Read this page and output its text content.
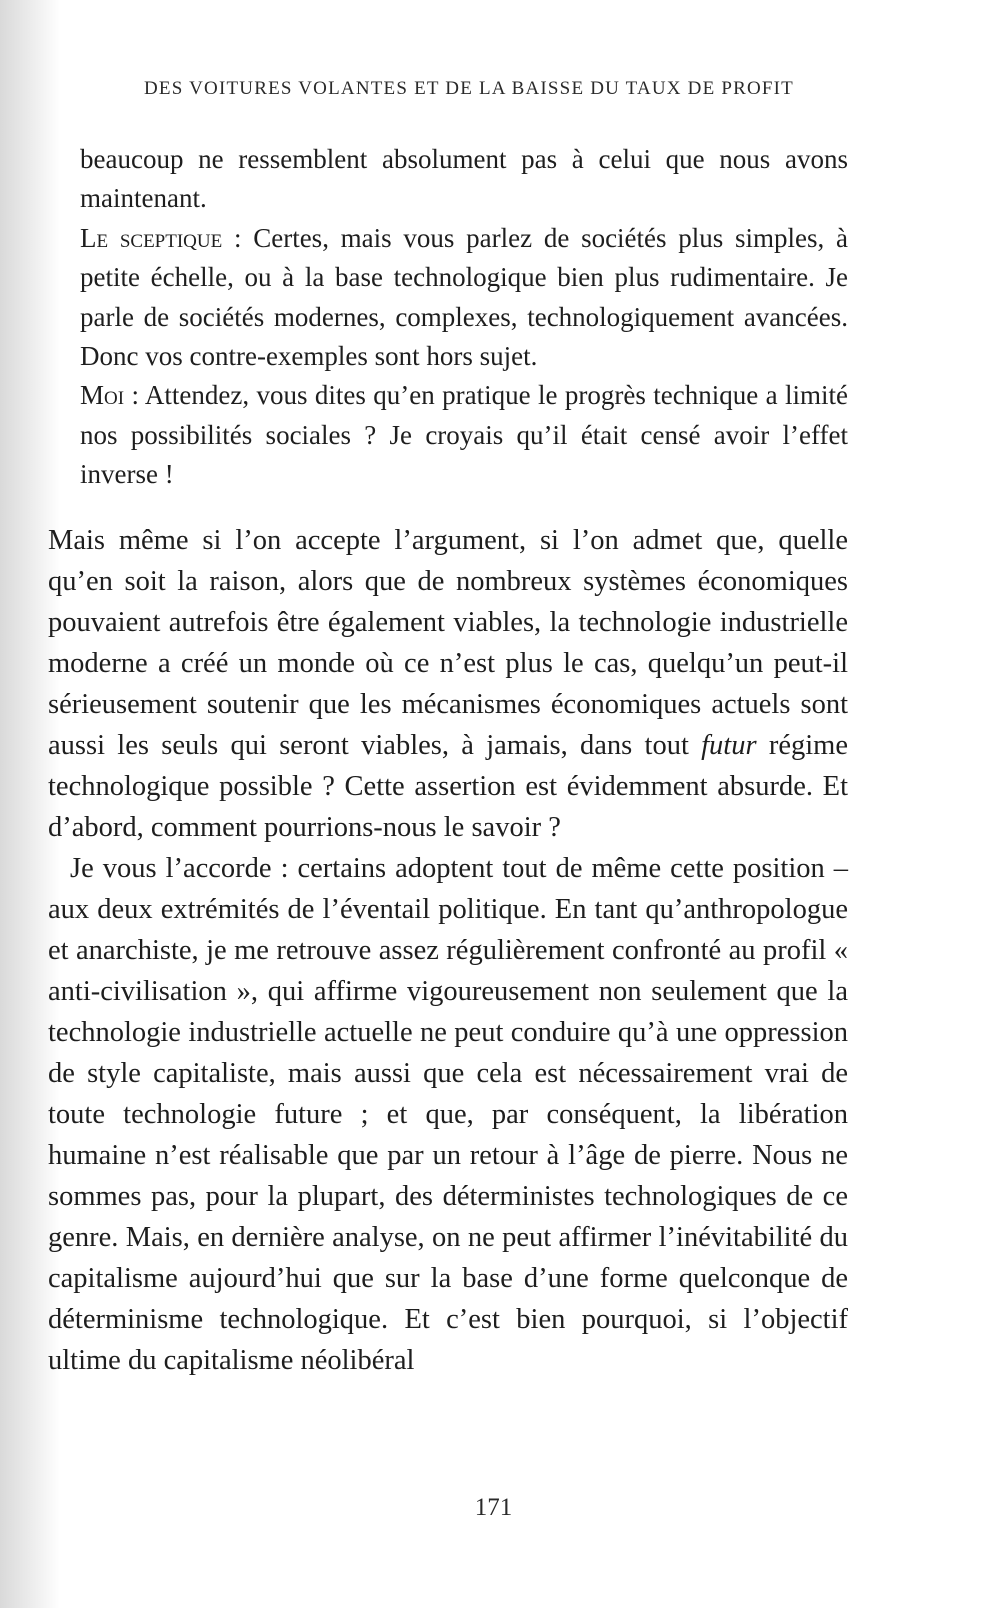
DES VOITURES VOLANTES ET DE LA BAISSE DU TAUX DE PROFIT

beaucoup ne ressemblent absolument pas à celui que nous avons maintenant.

Le sceptique : Certes, mais vous parlez de sociétés plus simples, à petite échelle, ou à la base technologique bien plus rudimentaire. Je parle de sociétés modernes, complexes, technologiquement avancées. Donc vos contre-exemples sont hors sujet.

Moi : Attendez, vous dites qu’en pratique le progrès technique a limité nos possibilités sociales ? Je croyais qu’il était censé avoir l’effet inverse !

Mais même si l’on accepte l’argument, si l’on admet que, quelle qu’en soit la raison, alors que de nombreux systèmes économiques pouvaient autrefois être également viables, la technologie industrielle moderne a créé un monde où ce n’est plus le cas, quelqu’un peut-il sérieusement soutenir que les mécanismes économiques actuels sont aussi les seuls qui seront viables, à jamais, dans tout futur régime technologique possible ? Cette assertion est évidemment absurde. Et d’abord, comment pourrions-nous le savoir ?

Je vous l’accorde : certains adoptent tout de même cette position – aux deux extrémités de l’éventail politique. En tant qu’anthropologue et anarchiste, je me retrouve assez régulièrement confronté au profil « anti-civilisation », qui affirme vigoureusement non seulement que la technologie industrielle actuelle ne peut conduire qu’à une oppression de style capitaliste, mais aussi que cela est nécessairement vrai de toute technologie future ; et que, par conséquent, la libération humaine n’est réalisable que par un retour à l’âge de pierre. Nous ne sommes pas, pour la plupart, des déterministes technologiques de ce genre. Mais, en dernière analyse, on ne peut affirmer l’inévitabilité du capitalisme aujourd’hui que sur la base d’une forme quelconque de déterminisme technologique. Et c’est bien pourquoi, si l’objectif ultime du capitalisme néolibéral

171
